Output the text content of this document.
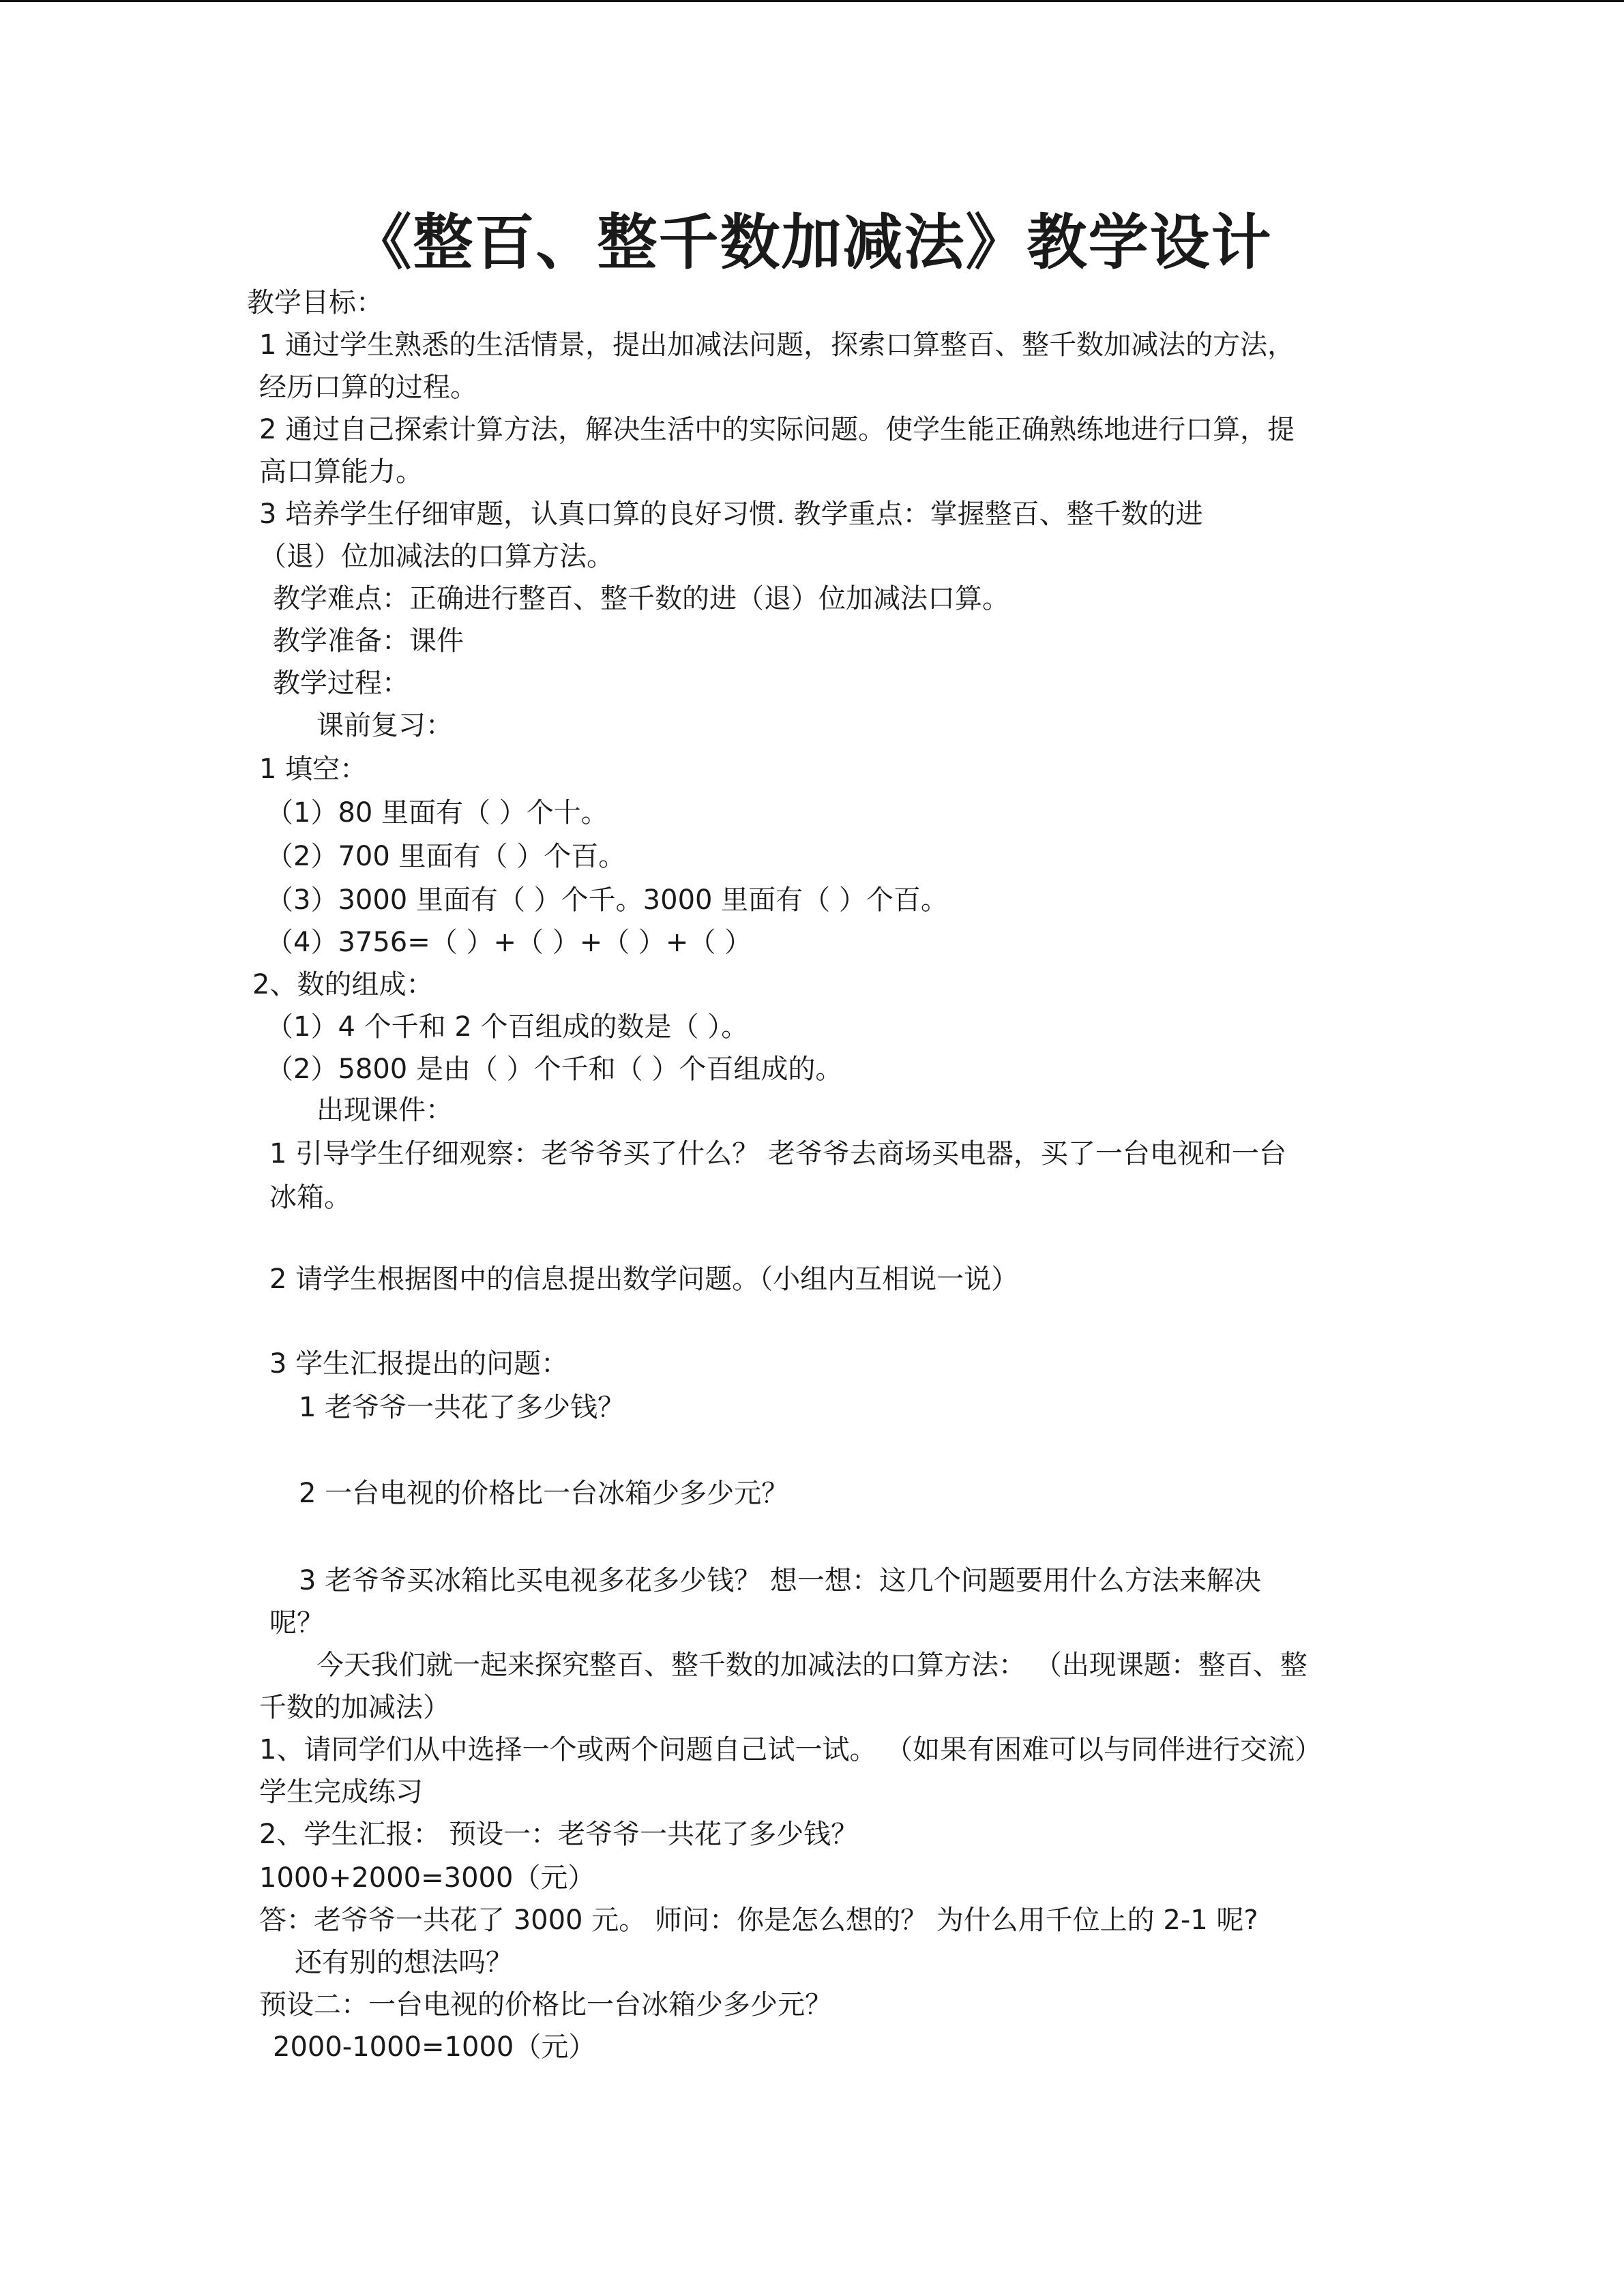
《整百、整千数加减法》教学设计
教学目标：
1 通过学生熟悉的生活情景，提出加减法问题，探索口算整百、整千数加减法的方法，
经历口算的过程。
2 通过自己探索计算方法，解决生活中的实际问题。使学生能正确熟练地进行口算，提
高口算能力。
3 培养学生仔细审题，认真口算的良好习惯. 教学重点：掌握整百、整千数的进
（退）位加减法的口算方法。
教学难点：正确进行整百、整千数的进（退）位加减法口算。
教学准备：课件
教学过程：
课前复习：
1 填空：
（1）80 里面有（ ）个十。
（2）700 里面有（ ）个百。
（3）3000 里面有（ ）个千。3000 里面有（ ）个百。
（4）3756=（ ）+（ ）+（ ）+（ ）
2、数的组成：
（1）4 个千和 2 个百组成的数是（ ）。
（2）5800 是由（ ）个千和（ ）个百组成的。
出现课件：
1 引导学生仔细观察：老爷爷买了什么？ 老爷爷去商场买电器，买了一台电视和一台
冰箱。
2 请学生根据图中的信息提出数学问题。（小组内互相说一说）
3 学生汇报提出的问题：
1 老爷爷一共花了多少钱？
2 一台电视的价格比一台冰箱少多少元？
3 老爷爷买冰箱比买电视多花多少钱？ 想一想：这几个问题要用什么方法来解决
呢？
今天我们就一起来探究整百、整千数的加减法的口算方法： （出现课题：整百、整
千数的加减法）
1、请同学们从中选择一个或两个问题自己试一试。 （如果有困难可以与同伴进行交流）
学生完成练习
2、学生汇报： 预设一：老爷爷一共花了多少钱？
1000+2000=3000（元）
答：老爷爷一共花了 3000 元。 师问：你是怎么想的？ 为什么用千位上的 2-1 呢?
还有别的想法吗？
预设二：一台电视的价格比一台冰箱少多少元？
2000-1000=1000（元）
